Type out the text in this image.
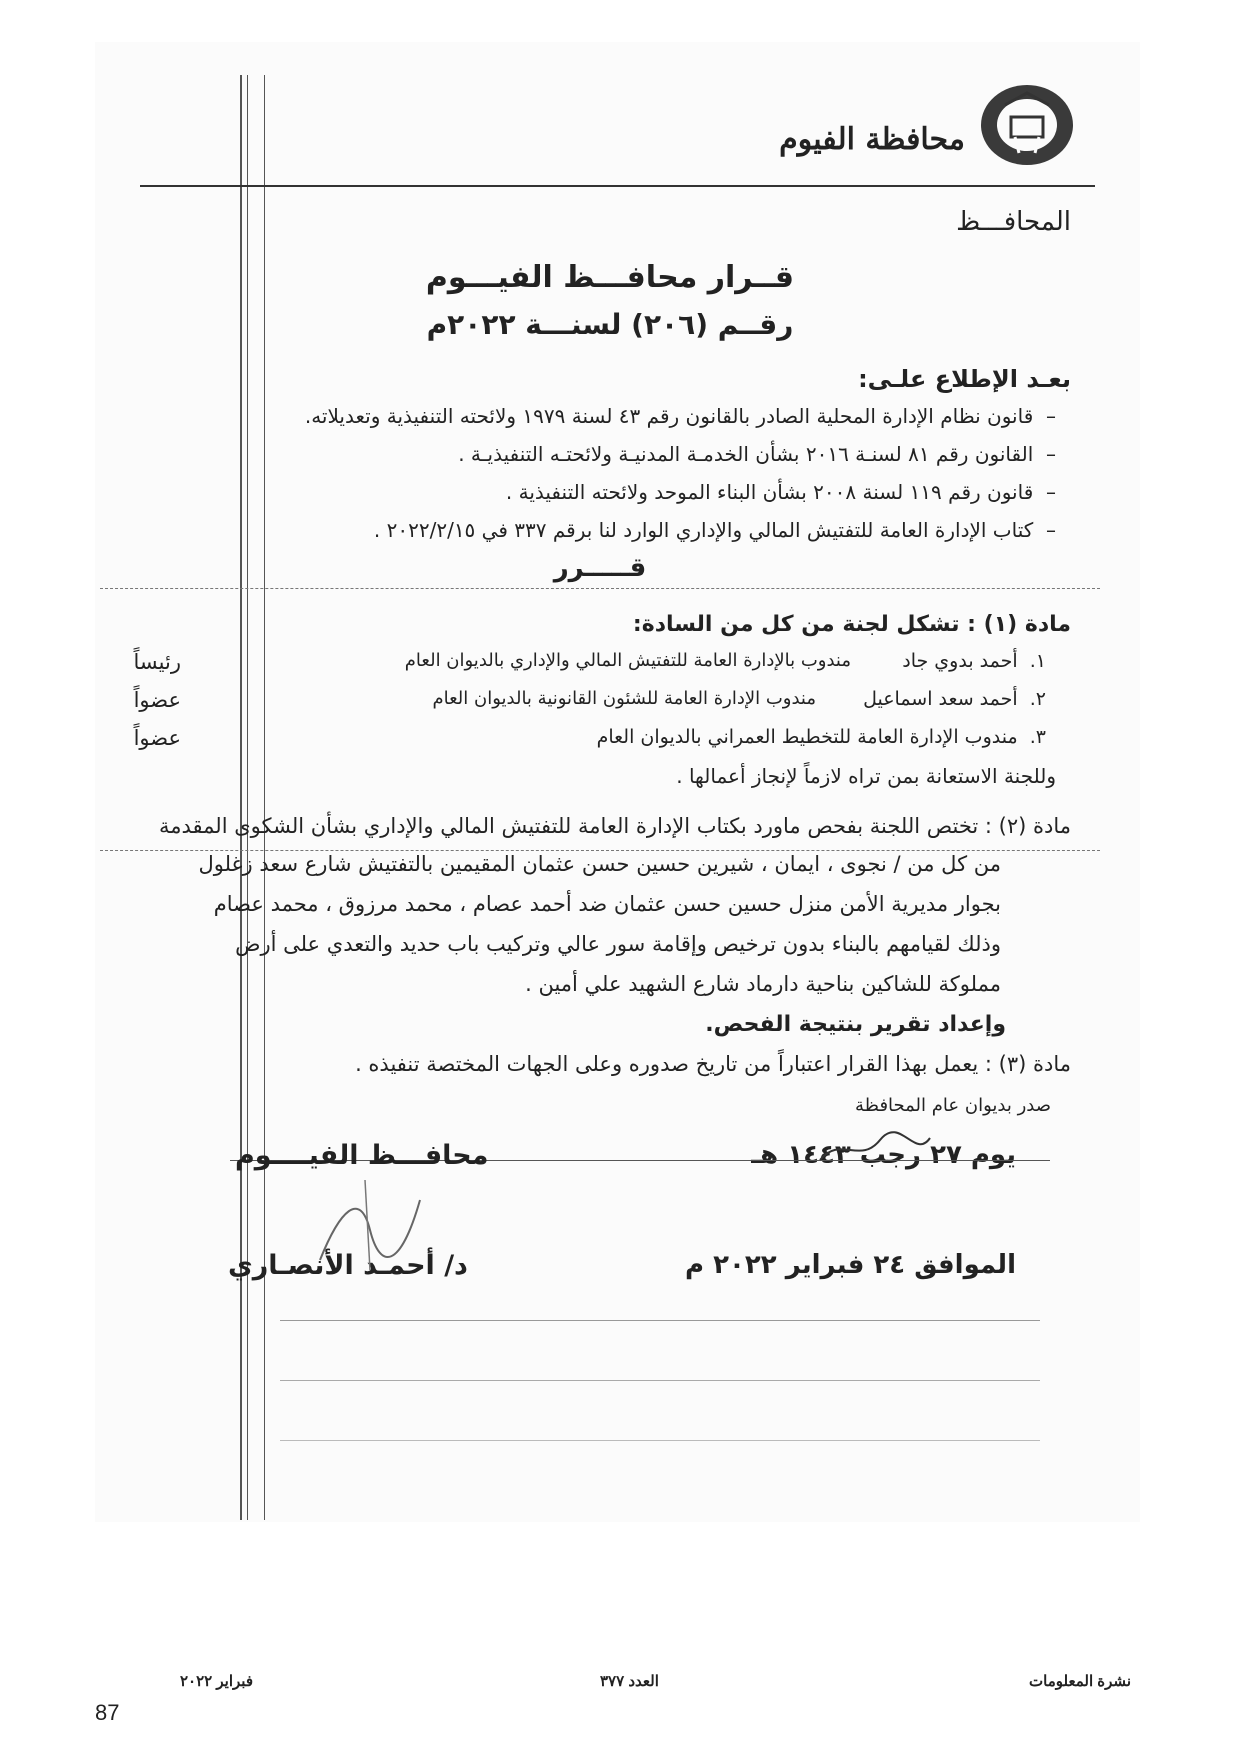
محافظة الفيوم
المحافـــظ
قــرار محافـــظ الفيـــوم
رقــم (٢٠٦) لسنـــة ٢٠٢٢م
بعـد الإطلاع علـى:
–  قانون نظام الإدارة المحلية الصادر بالقانون رقم ٤٣ لسنة ١٩٧٩ ولائحته التنفيذية وتعديلاته.
–  القانون رقم ٨١ لسنـة ٢٠١٦ بشأن الخدمـة المدنيـة ولائحتـه التنفيذيـة .
–  قانون رقم ١١٩ لسنة ٢٠٠٨ بشأن البناء الموحد ولائحته التنفيذية .
–  كتاب الإدارة العامة للتفتيش المالي والإداري الوارد لنا برقم ٣٣٧ في ٢٠٢٢/٢/١٥ .
قـــــرر
مادة (١) : تشكل لجنة من كل من السادة:
١.  أحمد بدوي جاد
مندوب بالإدارة العامة للتفتيش المالي والإداري بالديوان العام
رئيساً
٢.  أحمد سعد اسماعيل
مندوب الإدارة العامة للشئون القانونية بالديوان العام
عضواً
٣.  مندوب الإدارة العامة للتخطيط العمراني بالديوان العام
عضواً
وللجنة الاستعانة بمن تراه لازماً لإنجاز أعمالها .
مادة (٢) : تختص اللجنة بفحص ماورد بكتاب الإدارة العامة للتفتيش المالي والإداري بشأن الشكوى المقدمة
من كل من / نجوى ، ايمان ، شيرين حسين حسن عثمان المقيمين بالتفتيش شارع سعد زغلول
بجوار مديرية الأمن منزل حسين حسن عثمان ضد أحمد عصام ، محمد مرزوق ، محمد عصام
وذلك لقيامهم بالبناء بدون ترخيص وإقامة سور عالي وتركيب باب حديد والتعدي على أرض
مملوكة للشاكين بناحية دارماد شارع الشهيد علي أمين .
وإعداد تقرير بنتيجة الفحص.
مادة (٣) : يعمل بهذا القرار اعتباراً من تاريخ صدوره وعلى الجهات المختصة تنفيذه .
صدر بديوان عام المحافظة
يوم ٢٧ رجب ١٤٤٣ هـ
الموافق ٢٤ فبراير ٢٠٢٢ م
محافـــظ الفيــــوم
د/ أحمـد الأنصـاري
نشرة المعلومات
العدد ٣٧٧
فبراير ٢٠٢٢
87
